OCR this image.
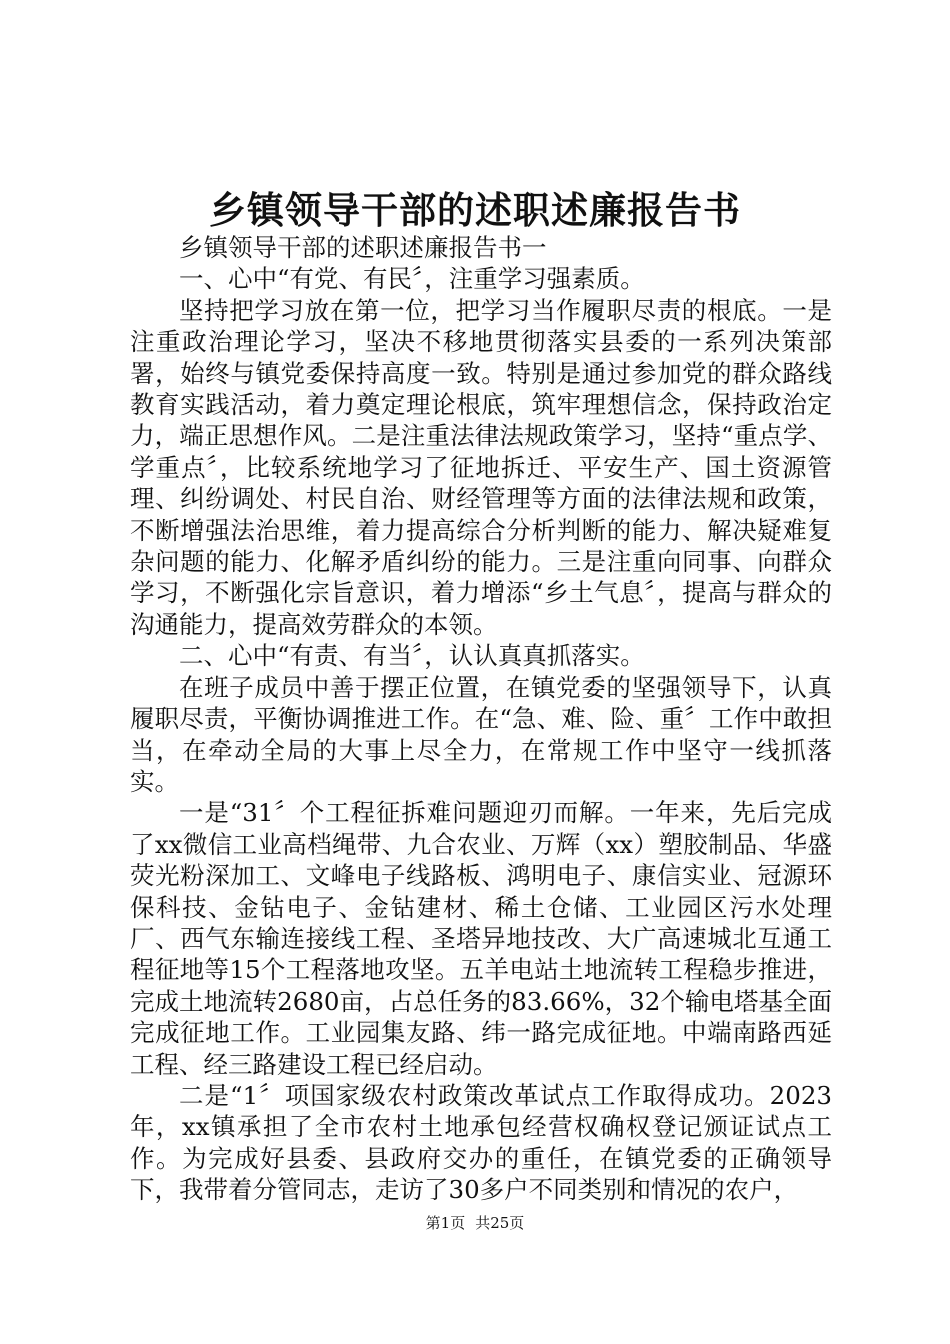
乡镇领导干部的述职述廉报告书

乡镇领导干部的述职述廉报告书一

一、心中“有党、有民〞，注重学习强素质。

坚持把学习放在第一位，把学习当作履职尽责的根底。一是注重政治理论学习，坚决不移地贯彻落实县委的一系列决策部署，始终与镇党委保持高度一致。特别是通过参加党的群众路线教育实践活动，着力奠定理论根底，筑牢理想信念，保持政治定力，端正思想作风。二是注重法律法规政策学习，坚持“重点学、学重点〞，比较系统地学习了征地拆迁、平安生产、国土资源管理、纠纷调处、村民自治、财经管理等方面的法律法规和政策，不断增强法治思维，着力提高综合分析判断的能力、解决疑难复杂问题的能力、化解矛盾纠纷的能力。三是注重向同事、向群众学习，不断强化宗旨意识，着力增添“乡土气息〞，提高与群众的沟通能力，提高效劳群众的本领。

二、心中“有责、有当〞，认认真真抓落实。

在班子成员中善于摆正位置，在镇党委的坚强领导下，认真履职尽责，平衡协调推进工作。在“急、难、险、重〞工作中敢担当，在牵动全局的大事上尽全力，在常规工作中坚守一线抓落实。

一是“31〞个工程征拆难问题迎刃而解。一年来，先后完成了xx微信工业高档绳带、九合农业、万辉（xx）塑胶制品、华盛荧光粉深加工、文峰电子线路板、鸿明电子、康信实业、冠源环保科技、金钻电子、金钻建材、稀土仓储、工业园区污水处理厂、西气东输连接线工程、圣塔异地技改、大广高速城北互通工程征地等15个工程落地攻坚。五羊电站土地流转工程稳步推进，完成土地流转2680亩，占总任务的83.66%，32个输电塔基全面完成征地工作。工业园集友路、纬一路完成征地。中端南路西延工程、经三路建设工程已经启动。

二是“1〞项国家级农村政策改革试点工作取得成功。2023年，xx镇承担了全市农村土地承包经营权确权登记颁证试点工作。为完成好县委、县政府交办的重任，在镇党委的正确领导下，我带着分管同志，走访了30多户不同类别和情况的农户，

第1页 共25页
